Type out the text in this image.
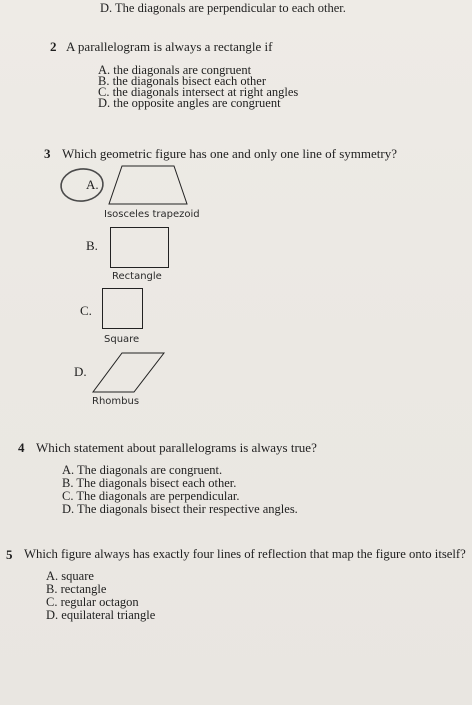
D. The diagonals are perpendicular to each other.
2 A parallelogram is always a rectangle if
A. the diagonals are congruent
B. the diagonals bisect each other
C. the diagonals intersect at right angles
D. the opposite angles are congruent
3 Which geometric figure has one and only one line of symmetry?
A.
Isosceles trapezoid
B.
Rectangle
C.
Square
D.
Rhombus
4 Which statement about parallelograms is always true?
A. The diagonals are congruent.
B. The diagonals bisect each other.
C. The diagonals are perpendicular.
D. The diagonals bisect their respective angles.
5 Which figure always has exactly four lines of reflection that map the figure onto itself?
A. square
B. rectangle
C. regular octagon
D. equilateral triangle
